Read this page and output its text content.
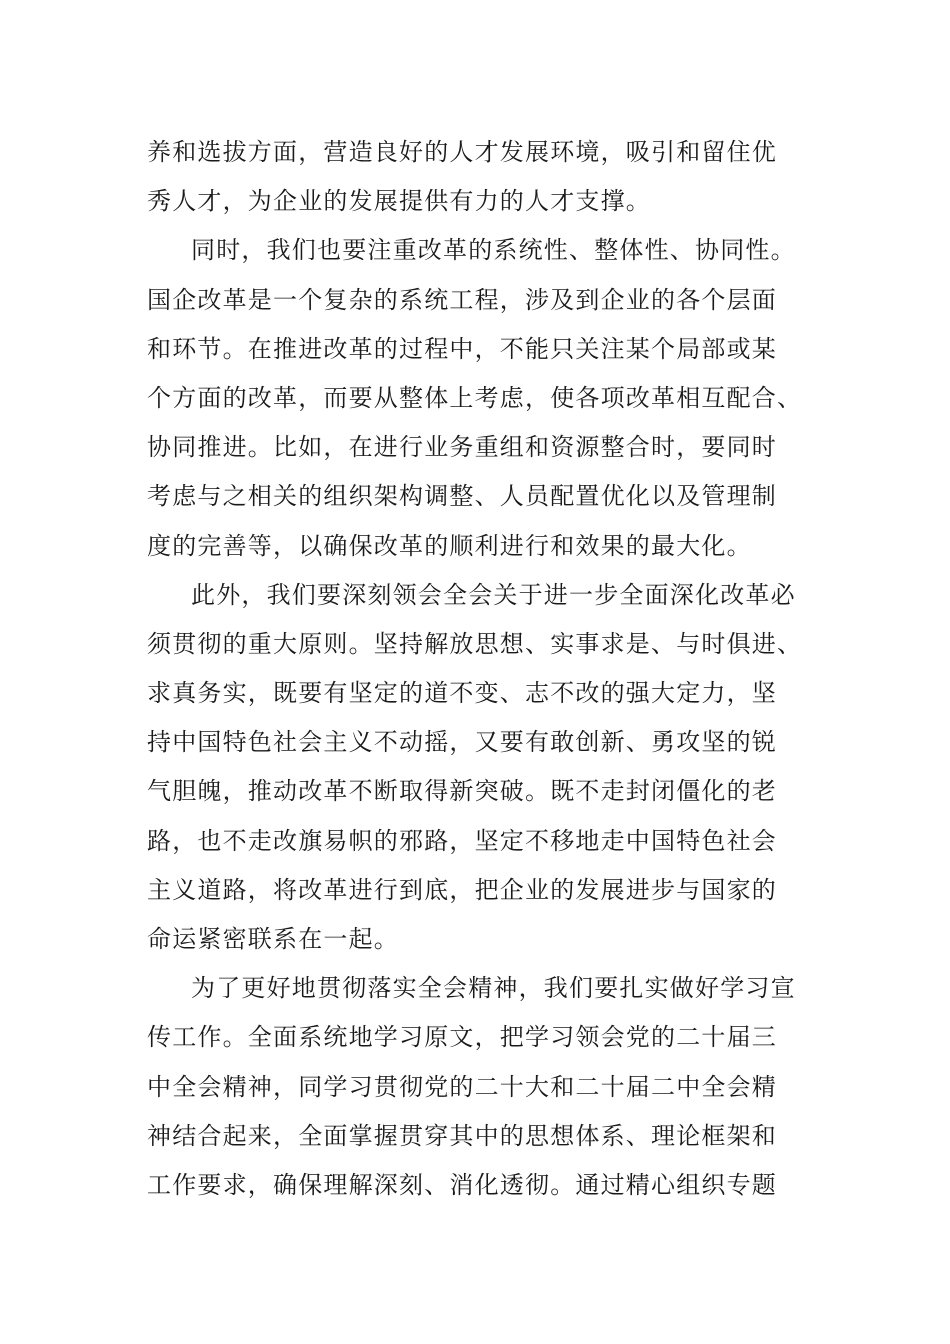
养和选拔方面，营造良好的人才发展环境，吸引和留住优
秀人才，为企业的发展提供有力的人才支撑。
同时，我们也要注重改革的系统性、整体性、协同性。
国企改革是一个复杂的系统工程，涉及到企业的各个层面
和环节。在推进改革的过程中，不能只关注某个局部或某
个方面的改革，而要从整体上考虑，使各项改革相互配合、
协同推进。比如，在进行业务重组和资源整合时，要同时
考虑与之相关的组织架构调整、人员配置优化以及管理制
度的完善等，以确保改革的顺利进行和效果的最大化。
此外，我们要深刻领会全会关于进一步全面深化改革必
须贯彻的重大原则。坚持解放思想、实事求是、与时俱进、
求真务实，既要有坚定的道不变、志不改的强大定力，坚
持中国特色社会主义不动摇，又要有敢创新、勇攻坚的锐
气胆魄，推动改革不断取得新突破。既不走封闭僵化的老
路，也不走改旗易帜的邪路，坚定不移地走中国特色社会
主义道路，将改革进行到底，把企业的发展进步与国家的
命运紧密联系在一起。
为了更好地贯彻落实全会精神，我们要扎实做好学习宣
传工作。全面系统地学习原文，把学习领会党的二十届三
中全会精神，同学习贯彻党的二十大和二十届二中全会精
神结合起来，全面掌握贯穿其中的思想体系、理论框架和
工作要求，确保理解深刻、消化透彻。通过精心组织专题
